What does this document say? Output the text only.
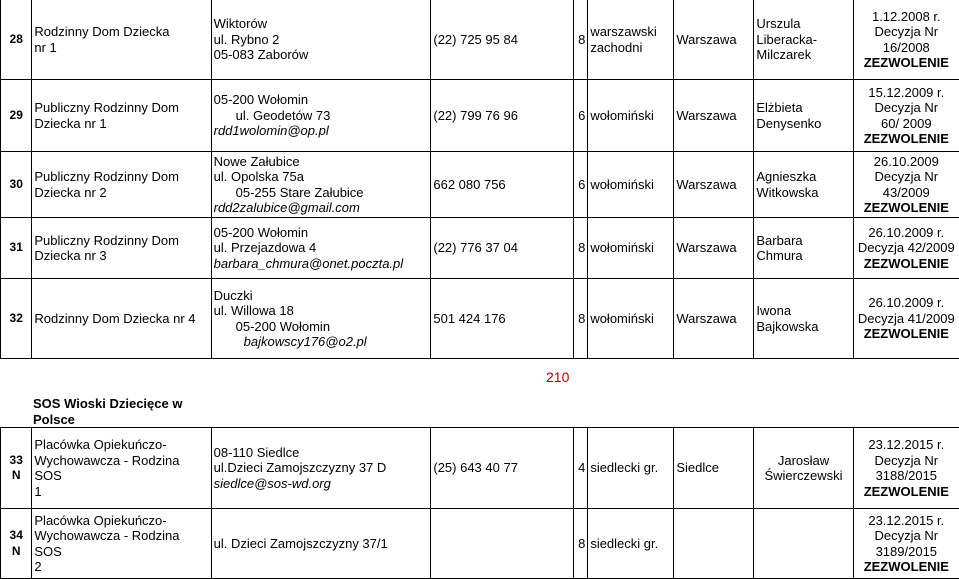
28	Rodzinny Dom Dziecka
nr 1	Wiktorów
ul. Rybno 2
05-083 Zaborów	(22) 725 95 84	8	warszawski
zachodni	Warszawa	Urszula
Liberacka-
Milczarek	1.12.2008 r.
Decyzja Nr
16/2008
ZEZWOLENIE

29	Publiczny Rodzinny Dom
Dziecka nr 1	05-200 Wołomin
ul. Geodetów 73
rdd1wolomin@op.pl	(22) 799 76 96	6	wołomiński	Warszawa	Elżbieta
Denysenko	15.12.2009 r.
Decyzja Nr
60/ 2009
ZEZWOLENIE

30	Publiczny Rodzinny Dom
Dziecka nr 2	Nowe Załubice
ul. Opolska 75a
05-255 Stare Załubice
rdd2zalubice@gmail.com	662 080 756	6	wołomiński	Warszawa	Agnieszka
Witkowska	26.10.2009
Decyzja Nr
43/2009
ZEZWOLENIE

31	Publiczny Rodzinny Dom
Dziecka nr 3	05-200 Wołomin
ul. Przejazdowa 4
barbara_chmura@onet.poczta.pl	(22) 776 37 04	8	wołomiński	Warszawa	Barbara Chmura	26.10.2009 r.
Decyzja 42/2009
ZEZWOLENIE

32	Rodzinny Dom Dziecka nr 4	Duczki
ul. Willowa 18
05-200 Wołomin
bajkowscy176@o2.pl	501 424 176	8	wołomiński	Warszawa	Iwona
Bajkowska	26.10.2009 r.
Decyzja 41/2009
ZEZWOLENIE
210
SOS Wioski Dziecięce w Polsce
33
N	Placówka Opiekuńczo-
Wychowawcza - Rodzina SOS
1	08-110 Siedlce
ul.Dzieci Zamojszczyzny 37 D
siedlce@sos-wd.org	(25) 643 40 77	4	siedlecki gr.	Siedlce	Jarosław
Świerczewski	23.12.2015 r.
Decyzja Nr
3188/2015
ZEZWOLENIE

34
N	Placówka Opiekuńczo-
Wychowawcza - Rodzina SOS
2	ul. Dzieci Zamojszczyzny 37/1		8	siedlecki gr.			23.12.2015 r.
Decyzja Nr
3189/2015
ZEZWOLENIE
